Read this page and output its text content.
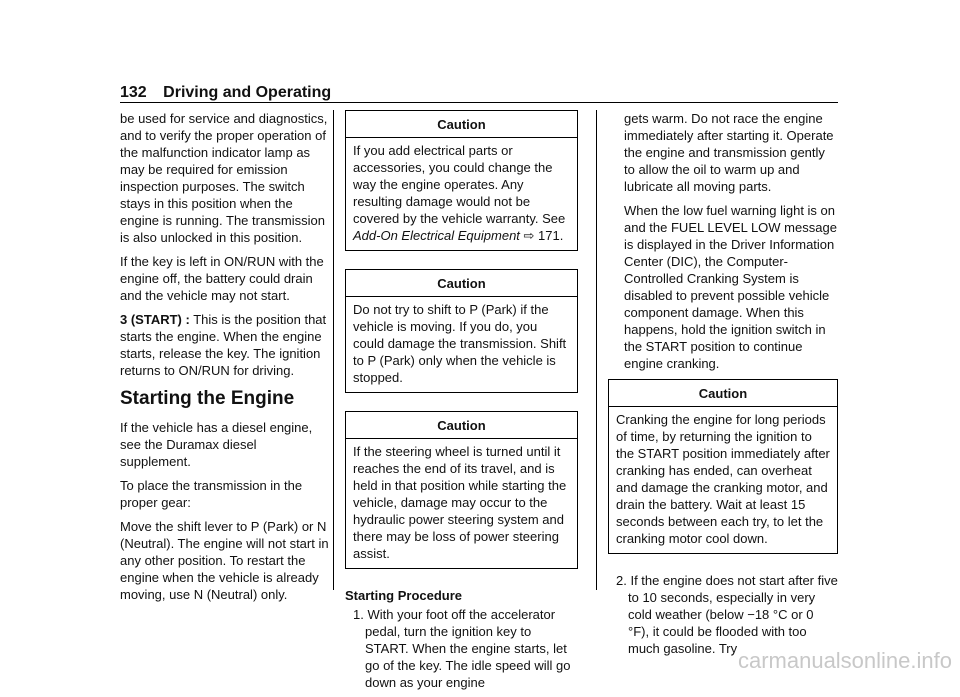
132 Driving and Operating

be used for service and diagnostics, and to verify the proper operation of the malfunction indicator lamp as may be required for emission inspection purposes. The switch stays in this position when the engine is running. The transmission is also unlocked in this position.

If the key is left in ON/RUN with the engine off, the battery could drain and the vehicle may not start.

3 (START) : This is the position that starts the engine. When the engine starts, release the key. The ignition returns to ON/RUN for driving.

Starting the Engine

If the vehicle has a diesel engine, see the Duramax diesel supplement.

To place the transmission in the proper gear:

Move the shift lever to P (Park) or N (Neutral). The engine will not start in any other position. To restart the engine when the vehicle is already moving, use N (Neutral) only.

Caution
If you add electrical parts or accessories, you could change the way the engine operates. Any resulting damage would not be covered by the vehicle warranty. See Add-On Electrical Equipment ⇨ 171.
Caution
Do not try to shift to P (Park) if the vehicle is moving. If you do, you could damage the transmission. Shift to P (Park) only when the vehicle is stopped.
Caution
If the steering wheel is turned until it reaches the end of its travel, and is held in that position while starting the vehicle, damage may occur to the hydraulic power steering system and there may be loss of power steering assist.

Starting Procedure

1. With your foot off the accelerator pedal, turn the ignition key to START. When the engine starts, let go of the key. The idle speed will go down as your engine

gets warm. Do not race the engine immediately after starting it. Operate the engine and transmission gently to allow the oil to warm up and lubricate all moving parts.

When the low fuel warning light is on and the FUEL LEVEL LOW message is displayed in the Driver Information Center (DIC), the Computer-Controlled Cranking System is disabled to prevent possible vehicle component damage. When this happens, hold the ignition switch in the START position to continue engine cranking.

Caution
Cranking the engine for long periods of time, by returning the ignition to the START position immediately after cranking has ended, can overheat and damage the cranking motor, and drain the battery. Wait at least 15 seconds between each try, to let the cranking motor cool down.

2. If the engine does not start after five to 10 seconds, especially in very cold weather (below −18 °C or 0 °F), it could be flooded with too much gasoline. Try carmanualsonline.info
